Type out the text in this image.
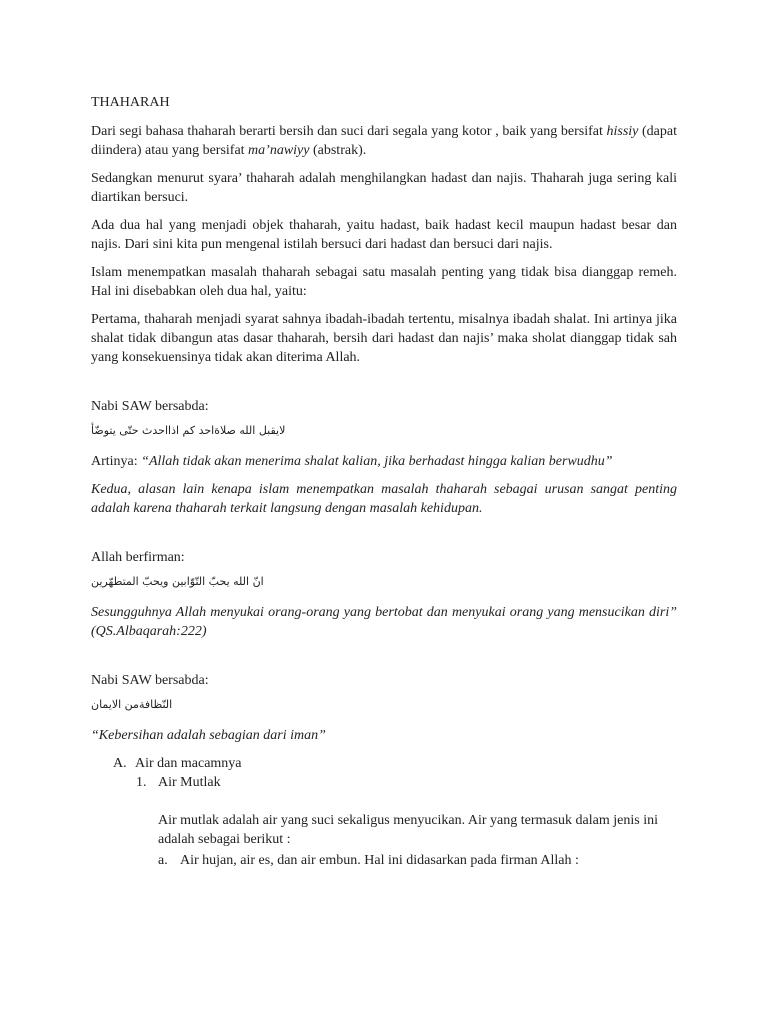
THAHARAH

Dari segi bahasa thaharah berarti bersih dan suci dari segala yang kotor , baik yang bersifat hissiy (dapat diindera) atau yang bersifat ma’nawiyy (abstrak).

Sedangkan menurut syara’ thaharah adalah menghilangkan hadast dan najis. Thaharah juga sering kali diartikan bersuci.

Ada dua hal yang menjadi objek thaharah, yaitu hadast, baik hadast kecil maupun hadast besar dan najis. Dari sini kita pun mengenal istilah bersuci dari hadast dan bersuci dari najis.

Islam menempatkan masalah thaharah sebagai satu masalah penting yang tidak bisa dianggap remeh. Hal ini disebabkan oleh dua hal, yaitu:

Pertama, thaharah menjadi syarat sahnya ibadah-ibadah tertentu, misalnya ibadah shalat. Ini artinya jika shalat tidak dibangun atas dasar thaharah, bersih dari hadast dan najis’ maka sholat dianggap tidak sah yang konsekuensinya tidak akan diterima Allah.

Nabi SAW bersabda:

لايقبل الله صلاةاحد كم اذااحدث حتّى يتوضّأ

Artinya: “Allah tidak akan menerima shalat kalian, jika berhadast hingga kalian berwudhu”

Kedua, alasan lain kenapa islam menempatkan masalah thaharah sebagai urusan sangat penting adalah karena thaharah terkait langsung dengan masalah kehidupan.

Allah berfirman:

انّ الله يحبّ التّوّابين ويحبّ المتطهّرين

Sesungguhnya Allah menyukai orang-orang yang bertobat dan menyukai orang yang mensucikan diri” (QS.Albaqarah:222)

Nabi SAW bersabda:

النّظافةمن الايمان

“Kebersihan adalah sebagian dari iman”

A. Air dan macamnya
1. Air Mutlak

Air mutlak adalah air yang suci sekaligus menyucikan. Air yang termasuk dalam jenis ini adalah sebagai berikut :

a. Air hujan, air es, dan air embun. Hal ini didasarkan pada firman Allah :
